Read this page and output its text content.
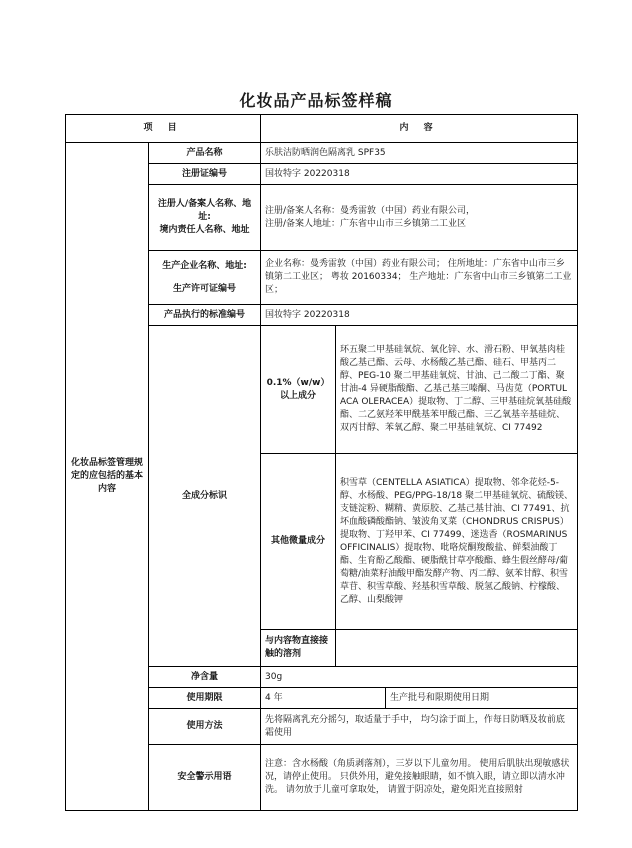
化妆品产品标签样稿
项 目		内 容		
化妆品标签管理规定的应包括的基本内容	产品名称	乐肤洁防晒润色隔离乳 SPF35		
	注册证编号	国妆特字 20220318		

	注册人/备案人名称、地址:
境内责任人名称、地址	注册/备案人名称：曼秀雷敦（中国）药业有限公司，
注册/备案人地址：广东省中山市三乡镇第二工业区		

	生产企业名称、地址:
生产许可证编号	企业名称：曼秀雷敦（中国）药业有限公司； 住所地址：广东省中山市三乡镇第二工业区； 粤妆 20160334； 生产地址：广东省中山市三乡镇第二工业区；		
	产品执行的标准编号	国妆特字 20220318		
	全成分标识	0.1%（w/w）以上成分	环五聚二甲基硅氧烷、氧化锌、水、滑石粉、甲氧基肉桂酸乙基己酯、云母、水杨酸乙基己酯、硅石、甲基丙二醇、PEG-10 聚二甲基硅氧烷、甘油、己二酸二丁酯、聚甘油-4 异硬脂酸酯、乙基己基三嗪酮、马齿苋（PORTULACA OLERACEA）提取物、丁二醇、三甲基硅烷氧基硅酸酯、二乙氨羟苯甲酰基苯甲酸己酯、三乙氧基辛基硅烷、双丙甘醇、苯氧乙醇、聚二甲基硅氧烷、CI 77492	
		其他微量成分	积雪草（CENTELLA ASIATICA）提取物、邻伞花烃-5-醇、水杨酸、PEG/PPG-18/18 聚二甲基硅氧烷、硫酸镁、支链淀粉、糊精、黄原胶、乙基己基甘油、CI 77491、抗坏血酸磷酸酯钠、皱波角叉菜（CHONDRUS CRISPUS）提取物、丁羟甲苯、CI 77499、迷迭香（ROSMARINUS OFFICINALIS）提取物、吡咯烷酮羧酸盐、鲜梨油酸丁酯、生育酚乙酸酯、硬脂酰甘草亭酸酯、蜂生假丝酵母/葡萄糖/油菜籽油酸甲酯发酵产物、丙二醇、氨苯甘醇、积雪草苷、积雪草酸、羟基积雪草酸、脱氢乙酸钠、柠檬酸、乙醇、山梨酸钾	
		与内容物直接接触的溶剂		
	净含量	30g		
	使用期限	4 年		生产批号和限期使用日期
	使用方法	先将隔离乳充分摇匀，取适量于手中， 均匀涂于面上，作每日防晒及妆前底霜使用		
	安全警示用语	注意：含水杨酸（角质剥落剂），三岁以下儿童勿用。 使用后肌肤出现敏感状况，请停止使用。 只供外用，避免接触眼睛，如不慎入眼，请立即以清水冲洗。 请勿放于儿童可拿取处， 请置于阴凉处，避免阳光直接照射		
